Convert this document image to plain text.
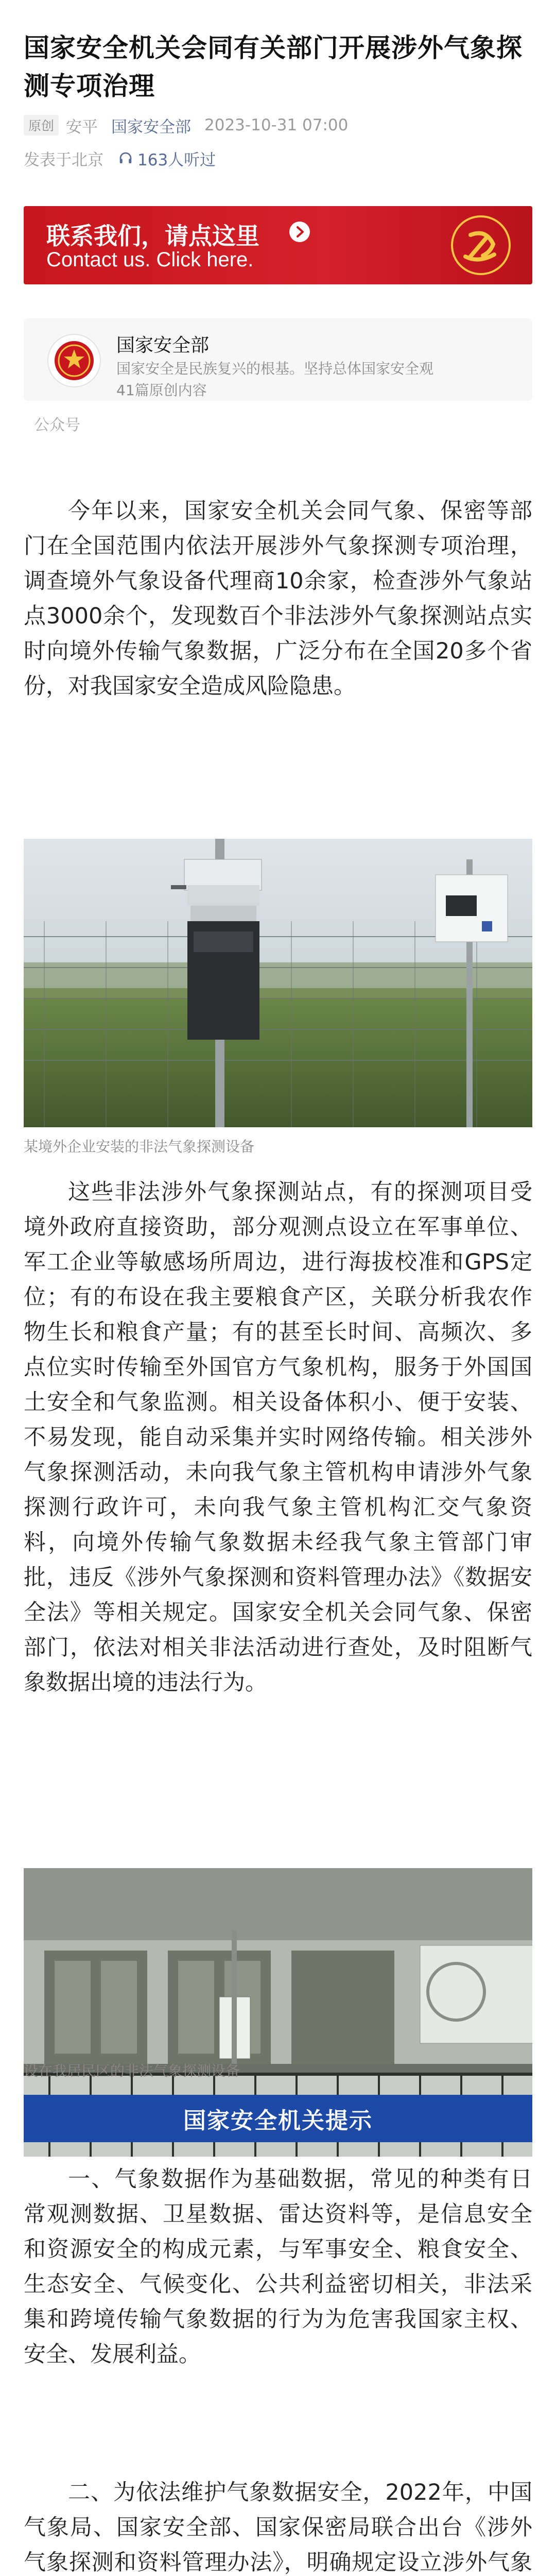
国家安全机关会同有关部门开展涉外气象探测专项治理
原创 安平 国家安全部 2023-10-31 07:00
发表于北京 163人听过
联系我们，请点这里
Contact us. Click here.
国家安全部
国家安全是民族复兴的根基。坚持总体国家安全观
41篇原创内容
公众号
今年以来，国家安全机关会同气象、保密等部门在全国范围内依法开展涉外气象探测专项治理，调查境外气象设备代理商10余家，检查涉外气象站点3000余个，发现数百个非法涉外气象探测站点实时向境外传输气象数据，广泛分布在全国20多个省份，对我国家安全造成风险隐患。
某境外企业安装的非法气象探测设备
这些非法涉外气象探测站点，有的探测项目受境外政府直接资助，部分观测点设立在军事单位、军工企业等敏感场所周边，进行海拔校准和GPS定位；有的布设在我主要粮食产区，关联分析我农作物生长和粮食产量；有的甚至长时间、高频次、多点位实时传输至外国官方气象机构，服务于外国国土安全和气象监测。相关设备体积小、便于安装、不易发现，能自动采集并实时网络传输。相关涉外气象探测活动，未向我气象主管机构申请涉外气象探测行政许可，未向我气象主管机构汇交气象资料，向境外传输气象数据未经我气象主管部门审批，违反《涉外气象探测和资料管理办法》《数据安全法》等相关规定。国家安全机关会同气象、保密部门，依法对相关非法活动进行查处，及时阻断气象数据出境的违法行为。
设在我居民区的非法气象探测设备
国家安全机关提示
一、气象数据作为基础数据，常见的种类有日常观测数据、卫星数据、雷达资料等，是信息安全和资源安全的构成元素，与军事安全、粮食安全、生态安全、气候变化、公共利益密切相关，非法采集和跨境传输气象数据的行为为危害我国家主权、安全、发展利益。
二、为依法维护气象数据安全，2022年，中国气象局、国家安全部、国家保密局联合出台《涉外气象探测和资料管理办法》，明确规定设立涉外气象
